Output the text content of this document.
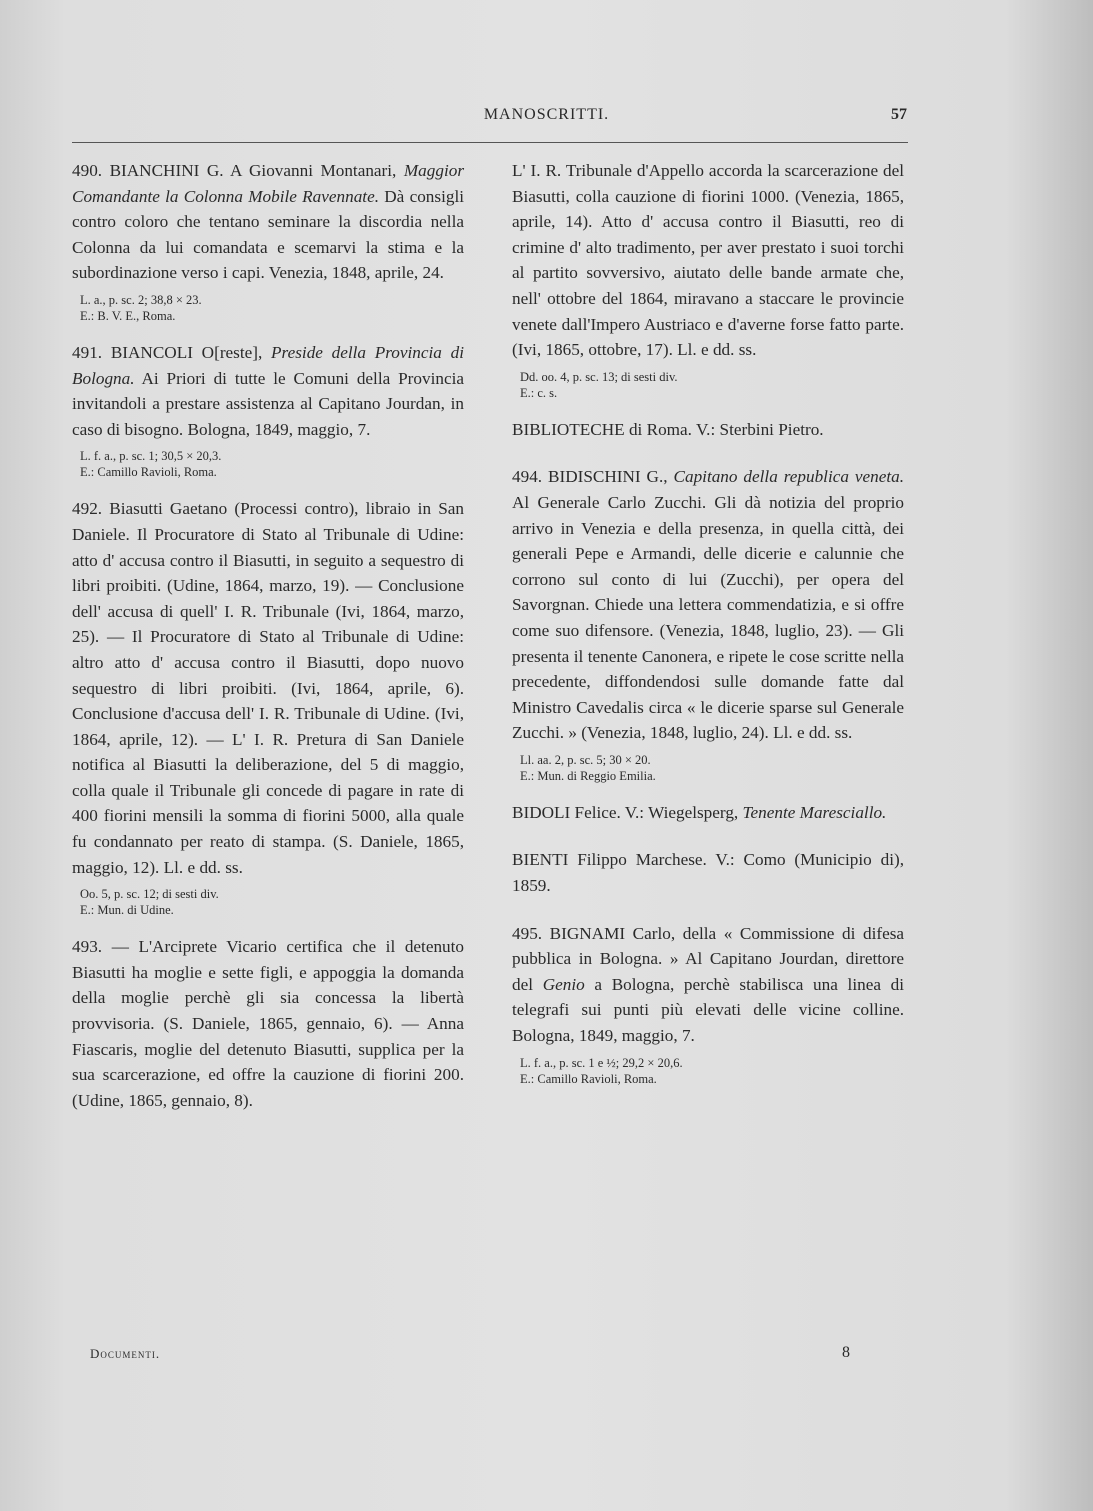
MANOSCRITTI.	57

490. BIANCHINI G. A Giovanni Montanari, Maggior Comandante la Colonna Mobile Ravennate. Dà consigli contro coloro che tentano seminare la discordia nella Colonna da lui comandata e scemarvi la stima e la subordinazione verso i capi. Venezia, 1848, aprile, 24.

L. a., p. sc. 2; 38,8 × 23.
E.: B. V. E., Roma.

491. BIANCOLI O[reste], Preside della Provincia di Bologna. Ai Priori di tutte le Comuni della Provincia invitandoli a prestare assistenza al Capitano Jourdan, in caso di bisogno. Bologna, 1849, maggio, 7.

L. f. a., p. sc. 1; 30,5 × 20,3.
E.: Camillo Ravioli, Roma.

492. Biasutti Gaetano (Processi contro), libraio in San Daniele. Il Procuratore di Stato al Tribunale di Udine: atto d' accusa contro il Biasutti, in seguito a sequestro di libri proibiti. (Udine, 1864, marzo, 19). — Conclusione dell' accusa di quell' I. R. Tribunale (Ivi, 1864, marzo, 25). — Il Procuratore di Stato al Tribunale di Udine: altro atto d' accusa contro il Biasutti, dopo nuovo sequestro di libri proibiti. (Ivi, 1864, aprile, 6). Conclusione d'accusa dell' I. R. Tribunale di Udine. (Ivi, 1864, aprile, 12). — L' I. R. Pretura di San Daniele notifica al Biasutti la deliberazione, del 5 di maggio, colla quale il Tribunale gli concede di pagare in rate di 400 fiorini mensili la somma di fiorini 5000, alla quale fu condannato per reato di stampa. (S. Daniele, 1865, maggio, 12). Ll. e dd. ss.

Oo. 5, p. sc. 12; di sesti div.
E.: Mun. di Udine.

493. — L'Arciprete Vicario certifica che il detenuto Biasutti ha moglie e sette figli, e appoggia la domanda della moglie perchè gli sia concessa la libertà provvisoria. (S. Daniele, 1865, gennaio, 6). — Anna Fiascaris, moglie del detenuto Biasutti, supplica per la sua scarcerazione, ed offre la cauzione di fiorini 200. (Udine, 1865, gennaio, 8).

L' I. R. Tribunale d'Appello accorda la scarcerazione del Biasutti, colla cauzione di fiorini 1000. (Venezia, 1865, aprile, 14). Atto d' accusa contro il Biasutti, reo di crimine d' alto tradimento, per aver prestato i suoi torchi al partito sovversivo, aiutato delle bande armate che, nell' ottobre del 1864, miravano a staccare le provincie venete dall'Impero Austriaco e d'averne forse fatto parte. (Ivi, 1865, ottobre, 17). Ll. e dd. ss.

Dd. oo. 4, p. sc. 13; di sesti div.
E.: c. s.

BIBLIOTECHE di Roma. V.: Sterbini Pietro.

494. BIDISCHINI G., Capitano della republica veneta. Al Generale Carlo Zucchi. Gli dà notizia del proprio arrivo in Venezia e della presenza, in quella città, dei generali Pepe e Armandi, delle dicerie e calunnie che corrono sul conto di lui (Zucchi), per opera del Savorgnan. Chiede una lettera commendatizia, e si offre come suo difensore. (Venezia, 1848, luglio, 23). — Gli presenta il tenente Canonera, e ripete le cose scritte nella precedente, diffondendosi sulle domande fatte dal Ministro Cavedalis circa « le dicerie sparse sul Generale Zucchi. » (Venezia, 1848, luglio, 24). Ll. e dd. ss.

Ll. aa. 2, p. sc. 5; 30 × 20.
E.: Mun. di Reggio Emilia.

BIDOLI Felice. V.: Wiegelsperg, Tenente Maresciallo.

BIENTI Filippo Marchese. V.: Como (Municipio di), 1859.

495. BIGNAMI Carlo, della « Commissione di difesa pubblica in Bologna. » Al Capitano Jourdan, direttore del Genio a Bologna, perchè stabilisca una linea di telegrafi sui punti più elevati delle vicine colline. Bologna, 1849, maggio, 7.

L. f. a., p. sc. 1 e ½; 29,2 × 20,6.
E.: Camillo Ravioli, Roma.
Documenti.	8
